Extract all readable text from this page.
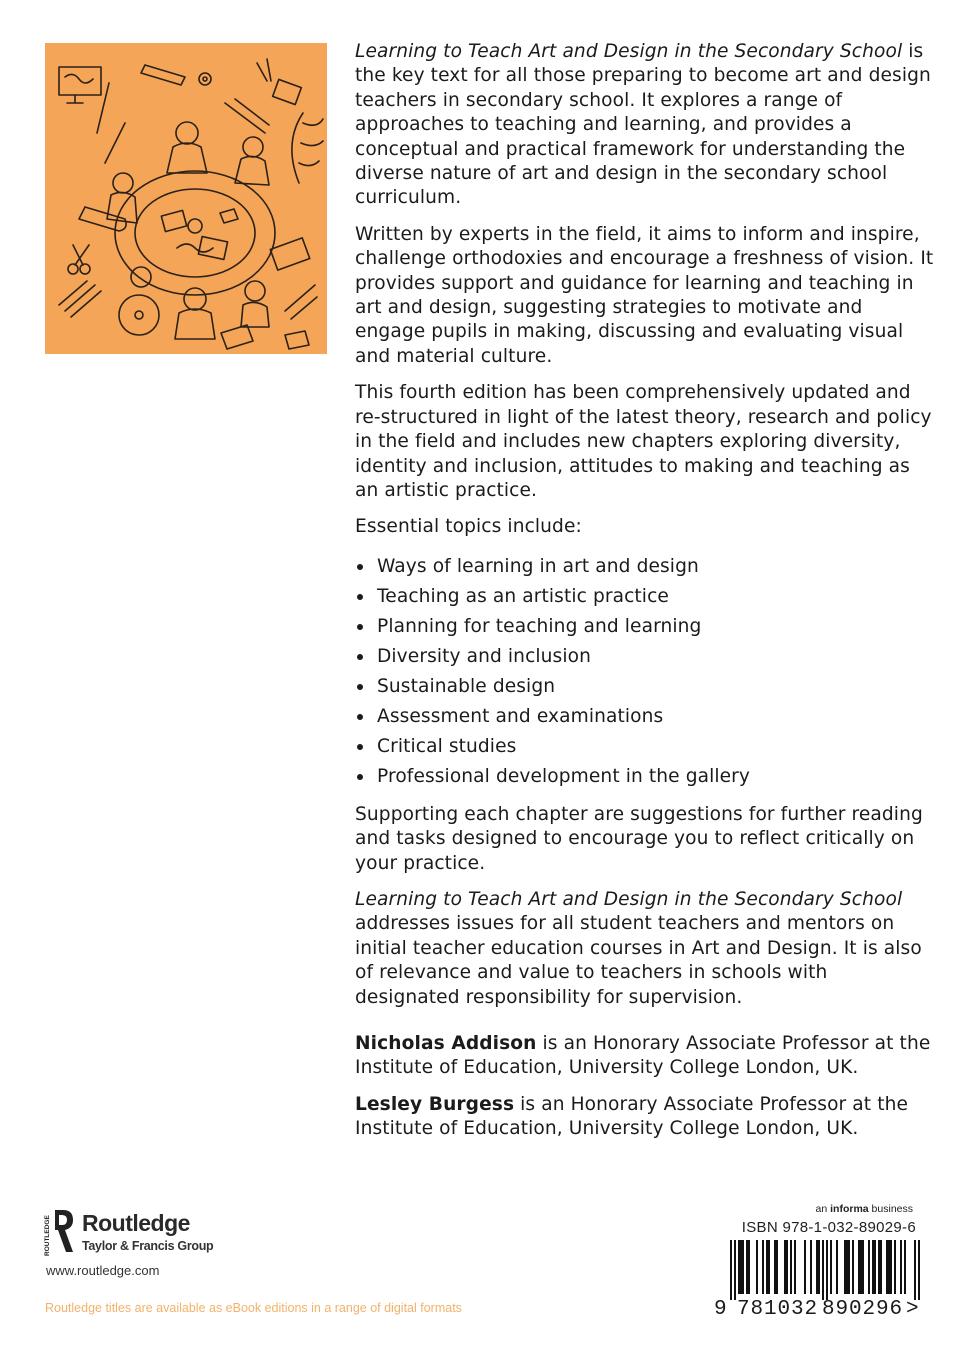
Learning to Teach Art and Design in the Secondary School is the key text for all those preparing to become art and design teachers in secondary school. It explores a range of approaches to teaching and learning, and provides a conceptual and practical framework for understanding the diverse nature of art and design in the secondary school curriculum.

Written by experts in the field, it aims to inform and inspire, challenge orthodoxies and encourage a freshness of vision. It provides support and guidance for learning and teaching in art and design, suggesting strategies to motivate and engage pupils in making, discussing and evaluating visual and material culture.

This fourth edition has been comprehensively updated and re-structured in light of the latest theory, research and policy in the field and includes new chapters exploring diversity, identity and inclusion, attitudes to making and teaching as an artistic practice.

Essential topics include:

Ways of learning in art and design
Teaching as an artistic practice
Planning for teaching and learning
Diversity and inclusion
Sustainable design
Assessment and examinations
Critical studies
Professional development in the gallery

Supporting each chapter are suggestions for further reading and tasks designed to encourage you to reflect critically on your practice.

Learning to Teach Art and Design in the Secondary School addresses issues for all student teachers and mentors on initial teacher education courses in Art and Design. It is also of relevance and value to teachers in schools with designated responsibility for supervision.

Nicholas Addison is an Honorary Associate Professor at the Institute of Education, University College London, UK.

Lesley Burgess is an Honorary Associate Professor at the Institute of Education, University College London, UK.

ROUTLEDGE Routledge
Taylor & Francis Group
www.routledge.com
Routledge titles are available as eBook editions in a range of digital formats
an informa business
ISBN 978-1-032-89029-6
9 781032 890296 >
